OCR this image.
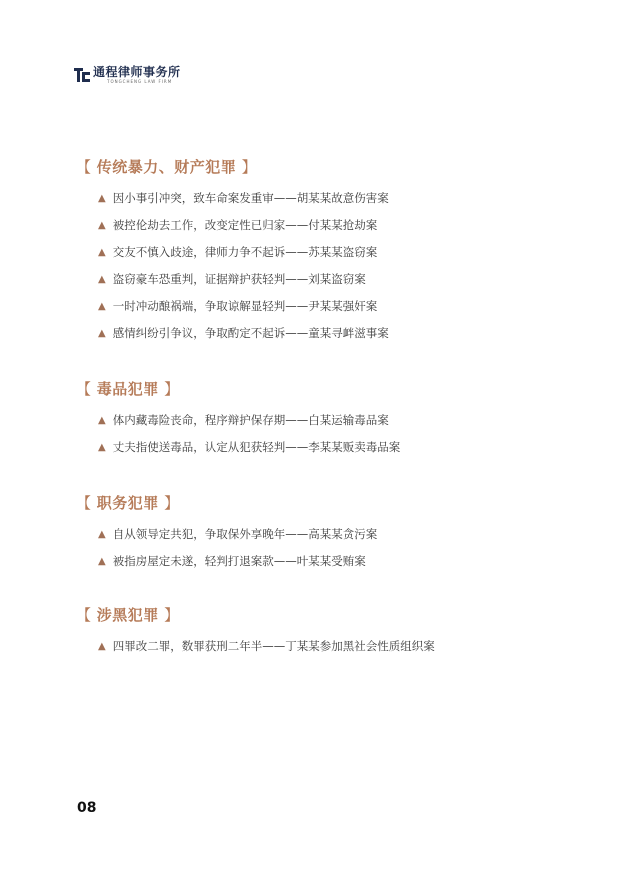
通程律师事务所
TONGCHENG LAW FIRM
【 传统暴力、财产犯罪 】
▲ 因小事引冲突，致车命案发重审——胡某某故意伤害案
▲ 被控伦劫去工作，改变定性已归家——付某某抢劫案
▲ 交友不慎入歧途，律师力争不起诉——苏某某盗窃案
▲ 盗窃豪车恐重判，证据辩护获轻判——刘某盗窃案
▲ 一时冲动酿祸端，争取谅解显轻判——尹某某强奸案
▲ 感情纠纷引争议，争取酌定不起诉——童某寻衅滋事案
【 毒品犯罪 】
▲ 体内藏毒险丧命，程序辩护保存期——白某运输毒品案
▲ 丈夫指使送毒品，认定从犯获轻判——李某某贩卖毒品案
【 职务犯罪 】
▲ 自从领导定共犯，争取保外享晚年——高某某贪污案
▲ 被指房屋定未遂，轻判打退案款——叶某某受贿案
【 涉黑犯罪 】
▲ 四罪改二罪，数罪获刑二年半——丁某某参加黑社会性质组织案
08
